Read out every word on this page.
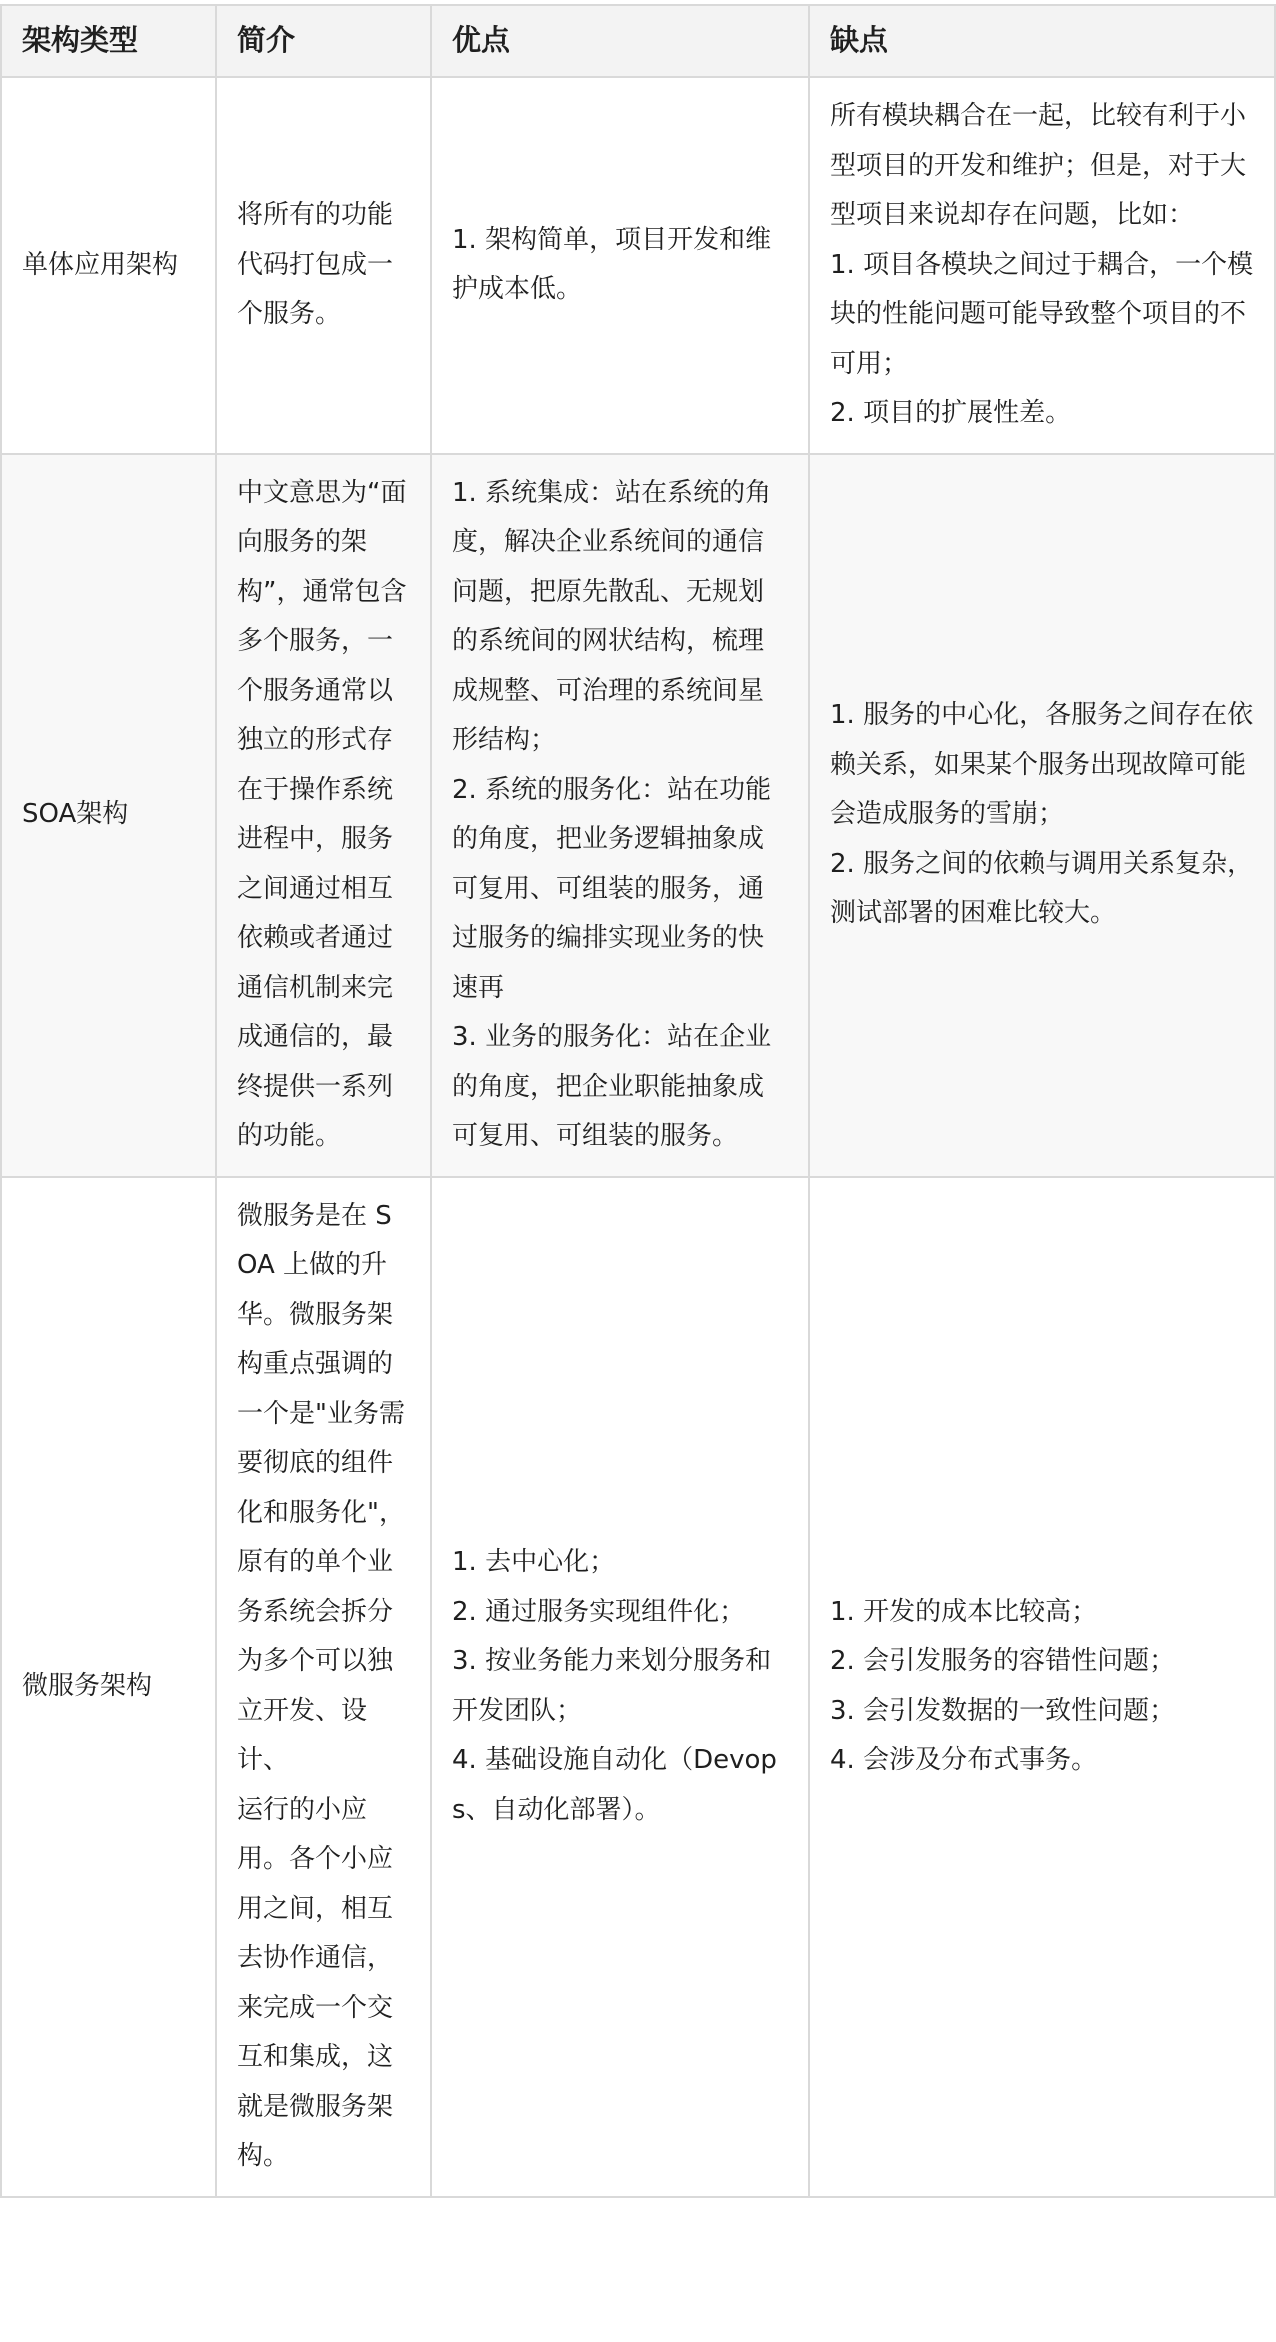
架构类型	简介	优点	缺点
单体应用架构	将所有的功能代码打包成一个服务。	1. 架构简单，项目开发和维护成本低。	所有模块耦合在一起，比较有利于小型项目的开发和维护；但是，对于大型项目来说却存在问题，比如：
1. 项目各模块之间过于耦合，一个模块的性能问题可能导致整个项目的不可用；
2. 项目的扩展性差。

SOA架构	中文意思为“面向服务的架构”，通常包含多个服务，一个服务通常以独立的形式存在于操作系统进程中，服务之间通过相互依赖或者通过通信机制来完成通信的，最终提供一系列的功能。	1. 系统集成：站在系统的角度，解决企业系统间的通信问题，把原先散乱、无规划的系统间的网状结构，梳理成规整、可治理的系统间星形结构；
2. 系统的服务化：站在功能的角度，把业务逻辑抽象成可复用、可组装的服务，通过服务的编排实现业务的快速再
3. 业务的服务化：站在企业的角度，把企业职能抽象成可复用、可组装的服务。	1. 服务的中心化，各服务之间存在依赖关系，如果某个服务出现故障可能会造成服务的雪崩；
2. 服务之间的依赖与调用关系复杂，测试部署的困难比较大。

微服务架构	微服务是在 SOA 上做的升华。微服务架构重点强调的一个是"业务需要彻底的组件化和服务化"，
原有的单个业务系统会拆分为多个可以独立开发、设计、
运行的小应用。各个小应用之间，相互去协作通信，来完成一个交互和集成，这就是微服务架构。	1. 去中心化；
2. 通过服务实现组件化；
3. 按业务能力来划分服务和开发团队；
4. 基础设施自动化（Devops、自动化部署）。	1. 开发的成本比较高；
2. 会引发服务的容错性问题；
3. 会引发数据的一致性问题；
4. 会涉及分布式事务。
